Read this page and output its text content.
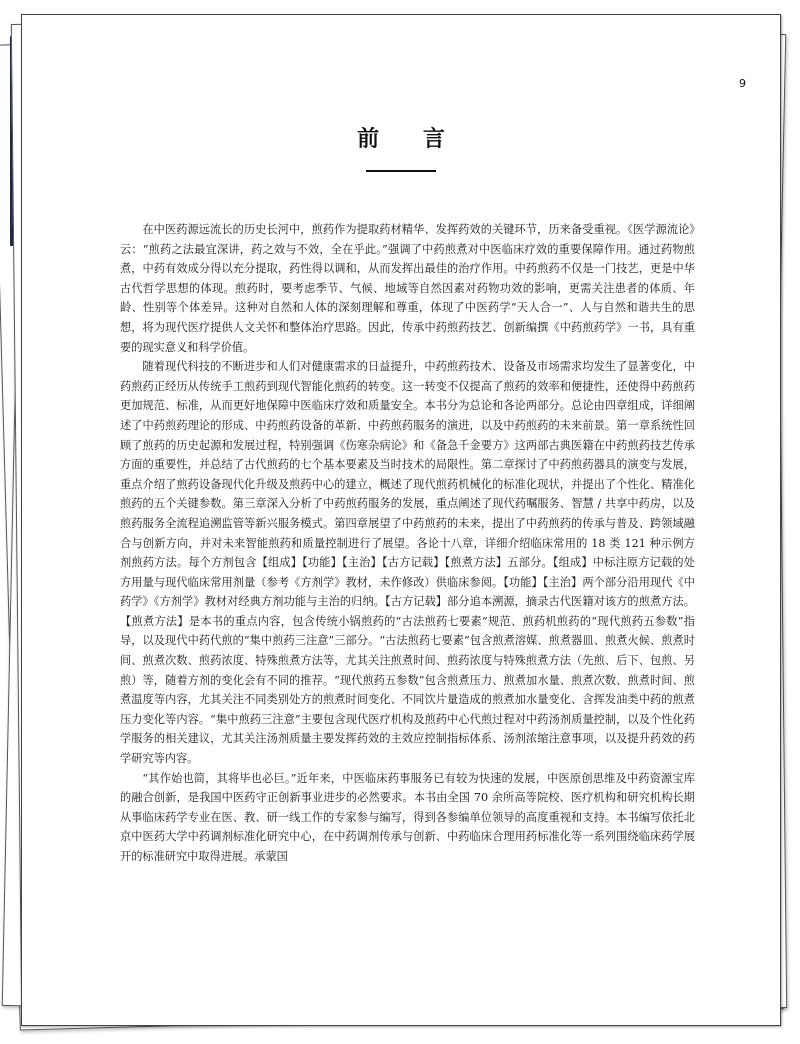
9
前 言

在中医药源远流长的历史长河中，煎药作为提取药材精华、发挥药效的关键环节，历来备受重视。《医学源流论》云：“煎药之法最宜深讲，药之效与不效，全在乎此。”强调了中药煎煮对中医临床疗效的重要保障作用。通过药物煎煮，中药有效成分得以充分提取，药性得以调和，从而发挥出最佳的治疗作用。中药煎药不仅是一门技艺，更是中华古代哲学思想的体现。煎药时，要考虑季节、气候、地域等自然因素对药物功效的影响，更需关注患者的体质、年龄、性别等个体差异。这种对自然和人体的深刻理解和尊重，体现了中医药学“天人合一”、人与自然和谐共生的思想，将为现代医疗提供人文关怀和整体治疗思路。因此，传承中药煎药技艺、创新编撰《中药煎药学》一书，具有重要的现实意义和科学价值。

随着现代科技的不断进步和人们对健康需求的日益提升，中药煎药技术、设备及市场需求均发生了显著变化，中药煎药正经历从传统手工煎药到现代智能化煎药的转变。这一转变不仅提高了煎药的效率和便捷性，还使得中药煎药更加规范、标准，从而更好地保障中医临床疗效和质量安全。本书分为总论和各论两部分。总论由四章组成，详细阐述了中药煎药理论的形成、中药煎药设备的革新、中药煎药服务的演进，以及中药煎药的未来前景。第一章系统性回顾了煎药的历史起源和发展过程，特别强调《伤寒杂病论》和《备急千金要方》这两部古典医籍在中药煎药技艺传承方面的重要性，并总结了古代煎药的七个基本要素及当时技术的局限性。第二章探讨了中药煎药器具的演变与发展，重点介绍了煎药设备现代化升级及煎药中心的建立，概述了现代煎药机械化的标准化现状，并提出了个性化、精准化煎药的五个关键参数。第三章深入分析了中药煎药服务的发展，重点阐述了现代药嘱服务、智慧 / 共享中药房，以及煎药服务全流程追溯监管等新兴服务模式。第四章展望了中药煎药的未来，提出了中药煎药的传承与普及、跨领域融合与创新方向，并对未来智能煎药和质量控制进行了展望。各论十八章，详细介绍临床常用的 18 类 121 种示例方剂煎药方法。每个方剂包含【组成】【功能】【主治】【古方记载】【煎煮方法】五部分。【组成】中标注原方记载的处方用量与现代临床常用剂量（参考《方剂学》教材，未作修改）供临床参阅。【功能】【主治】两个部分沿用现代《中药学》《方剂学》教材对经典方剂功能与主治的归纳。【古方记载】部分追本溯源，摘录古代医籍对该方的煎煮方法。【煎煮方法】是本书的重点内容，包含传统小锅煎药的“古法煎药七要素”规范、煎药机煎药的“现代煎药五参数”指导，以及现代中药代煎的“集中煎药三注意”三部分。“古法煎药七要素”包含煎煮溶媒、煎煮器皿、煎煮火候、煎煮时间、煎煮次数、煎药浓度、特殊煎煮方法等，尤其关注煎煮时间、煎药浓度与特殊煎煮方法（先煎、后下、包煎、另煎）等，随着方剂的变化会有不同的推荐。“现代煎药五参数”包含煎煮压力、煎煮加水量、煎煮次数、煎煮时间、煎煮温度等内容，尤其关注不同类别处方的煎煮时间变化、不同饮片量造成的煎煮加水量变化、含挥发油类中药的煎煮压力变化等内容。“集中煎药三注意”主要包含现代医疗机构及煎药中心代煎过程对中药汤剂质量控制，以及个性化药学服务的相关建议，尤其关注汤剂质量主要发挥药效的主效应控制指标体系、汤剂浓缩注意事项，以及提升药效的药学研究等内容。

“其作始也简，其将毕也必巨。”近年来，中医临床药事服务已有较为快速的发展，中医原创思维及中药资源宝库的融合创新，是我国中医药守正创新事业进步的必然要求。本书由全国 70 余所高等院校、医疗机构和研究机构长期从事临床药学专业在医、教、研一线工作的专家参与编写，得到各参编单位领导的高度重视和支持。本书编写依托北京中医药大学中药调剂标准化研究中心，在中药调剂传承与创新、中药临床合理用药标准化等一系列围绕临床药学展开的标准研究中取得进展。承蒙国
